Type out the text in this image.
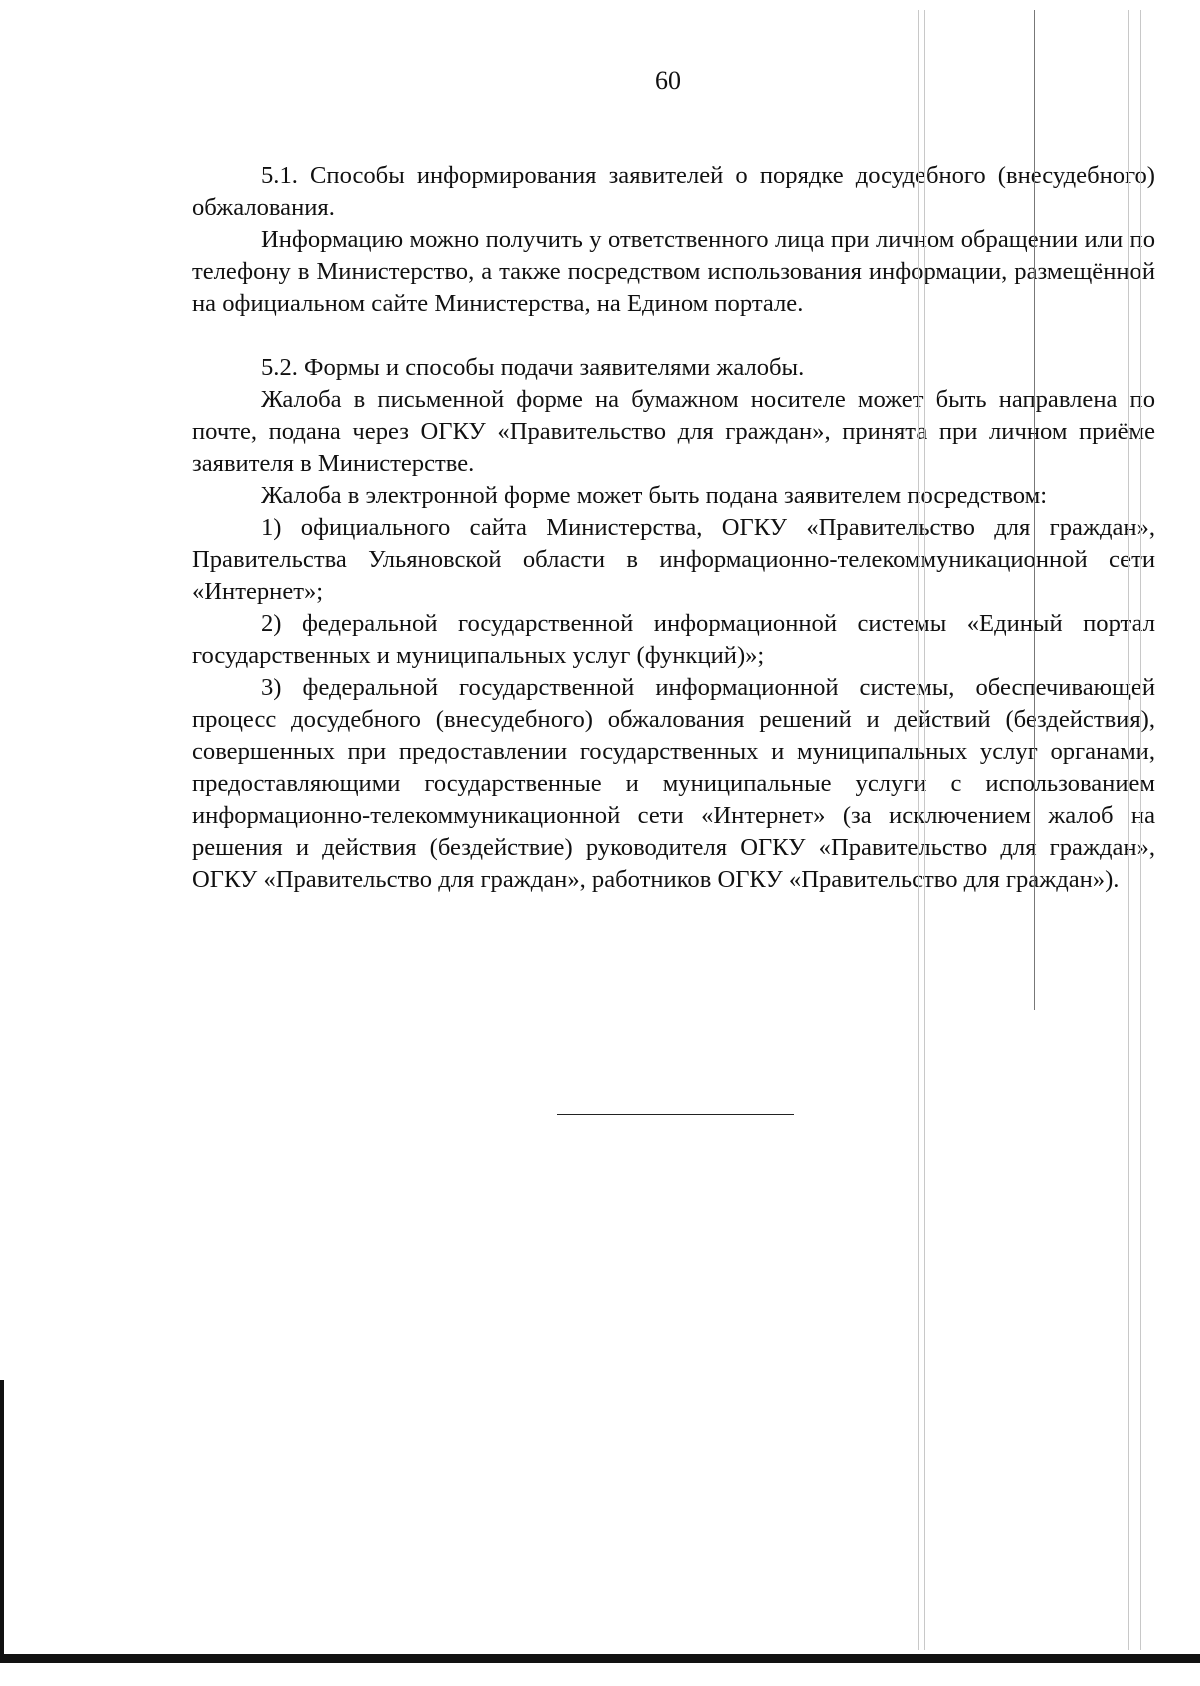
60

5.1. Способы информирования заявителей о порядке досудебного (внесудебного) обжалования.

Информацию можно получить у ответственного лица при личном обращении или по телефону в Министерство, а также посредством использования информации, размещённой на официальном сайте Министерства, на Едином портале.

5.2. Формы и способы подачи заявителями жалобы.

Жалоба в письменной форме на бумажном носителе может быть направлена по почте, подана через ОГКУ «Правительство для граждан», принята при личном приёме заявителя в Министерстве.

Жалоба в электронной форме может быть подана заявителем посредством:

1) официального сайта Министерства, ОГКУ «Правительство для граждан», Правительства Ульяновской области в информационно-телекоммуникационной сети «Интернет»;

2) федеральной государственной информационной системы «Единый портал государственных и муниципальных услуг (функций)»;

3) федеральной государственной информационной системы, обеспечивающей процесс досудебного (внесудебного) обжалования решений и действий (бездействия), совершенных при предоставлении государственных и муниципальных услуг органами, предоставляющими государственные и муниципальные услуги с использованием информационно-телекоммуникационной сети «Интернет» (за исключением жалоб на решения и действия (бездействие) руководителя ОГКУ «Правительство для граждан», ОГКУ «Правительство для граждан», работников ОГКУ «Правительство для граждан»).
